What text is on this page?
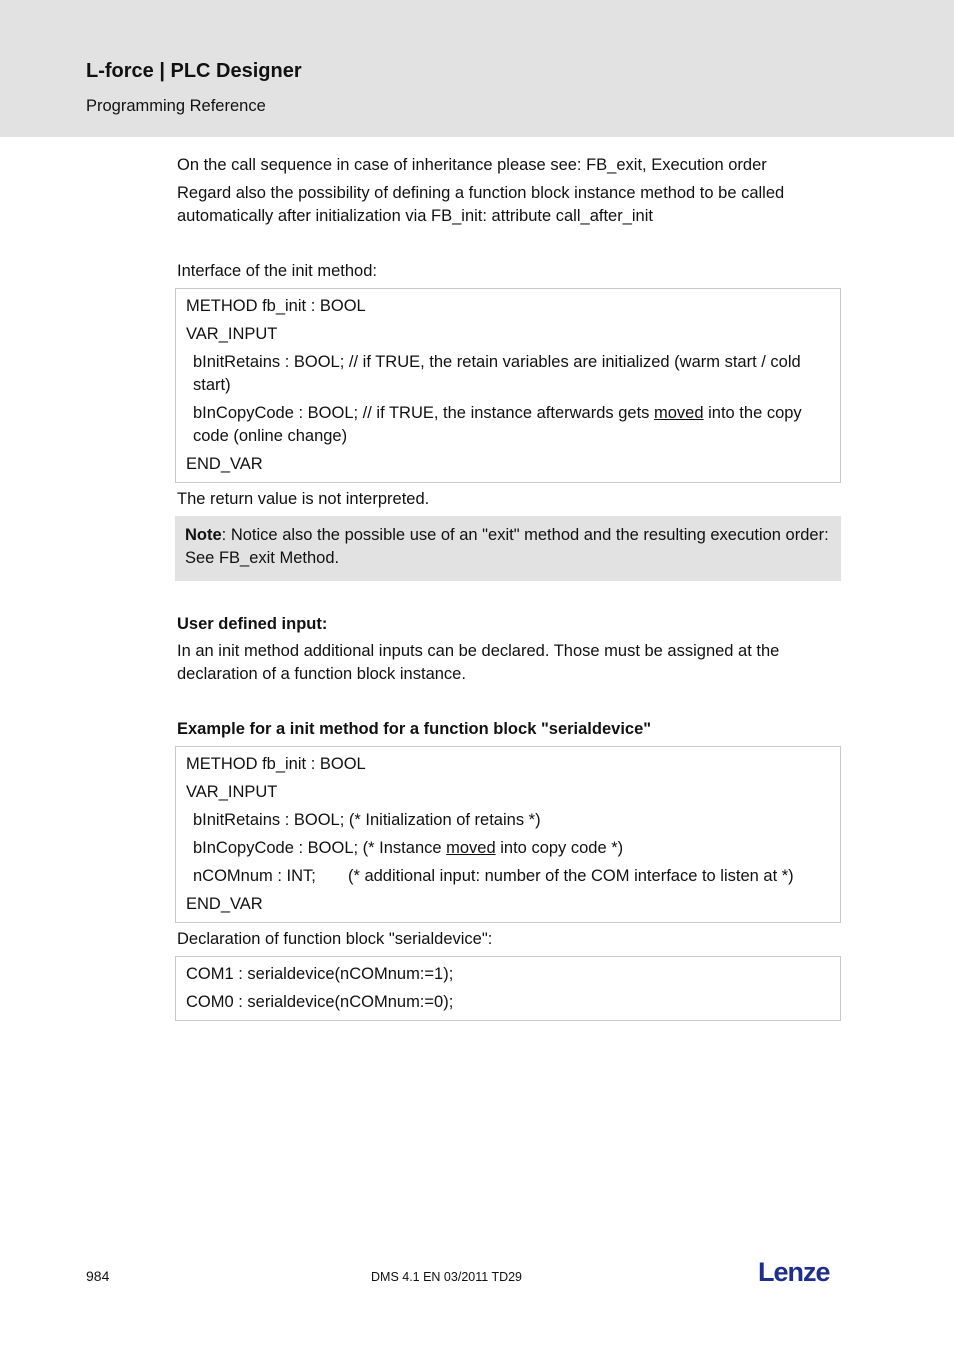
L-force | PLC Designer
Programming Reference

On the call sequence in case of inheritance please see: FB_exit, Execution order

Regard also the possibility of defining a function block instance method to be called automatically after initialization via FB_init: attribute call_after_init

Interface of the init method:

METHOD fb_init : BOOL

VAR_INPUT

bInitRetains : BOOL; // if TRUE, the retain variables are initialized (warm start / cold start)

bInCopyCode : BOOL; // if TRUE, the instance afterwards gets moved into the copy code (online change)

END_VAR

The return value is not interpreted.

Note: Notice also the possible use of an "exit" method and the resulting execution order: See FB_exit Method.

User defined input:

In an init method additional inputs can be declared. Those must be assigned at the declaration of a function block instance.

Example for a init method for a function block "serialdevice"

METHOD fb_init : BOOL

VAR_INPUT

bInitRetains : BOOL; (* Initialization of retains *)

bInCopyCode : BOOL; (* Instance moved into copy code *)

nCOMnum : INT;       (* additional input: number of the COM interface to listen at *)

END_VAR

Declaration of function block "serialdevice":

COM1 : serialdevice(nCOMnum:=1);

COM0 : serialdevice(nCOMnum:=0);

984	DMS 4.1 EN 03/2011 TD29	Lenze
